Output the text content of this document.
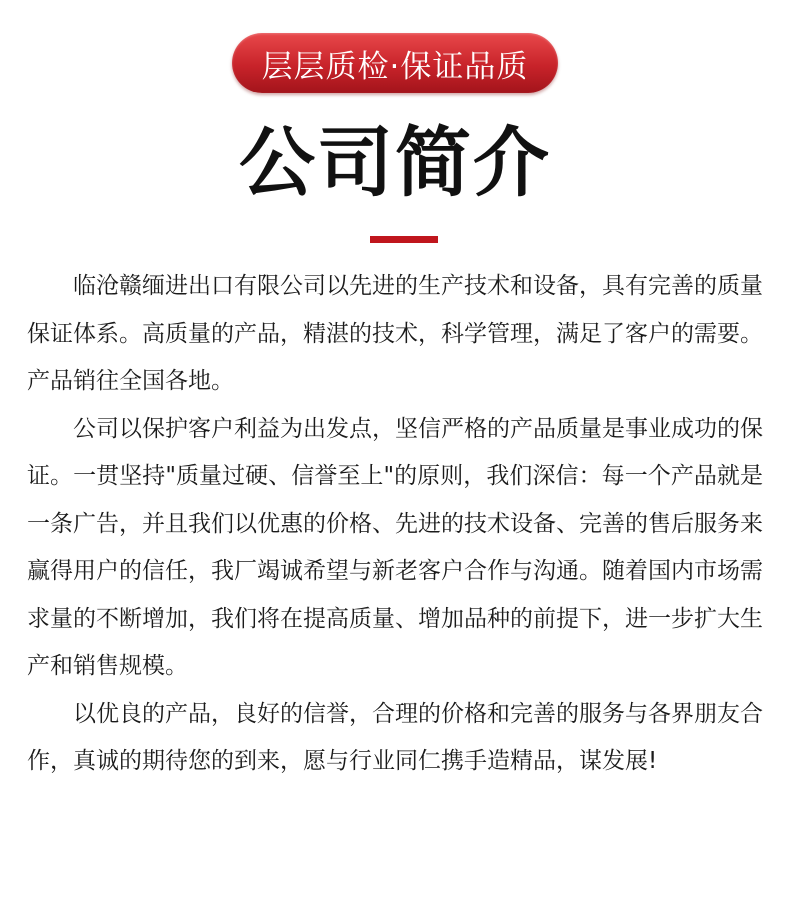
层层质检·保证品质
公司简介

临沧赣缅进出口有限公司以先进的生产技术和设备，具有完善的质量保证体系。高质量的产品，精湛的技术，科学管理，满足了客户的需要。产品销往全国各地。

公司以保护客户利益为出发点，坚信严格的产品质量是事业成功的保证。一贯坚持"质量过硬、信誉至上"的原则，我们深信：每一个产品就是一条广告，并且我们以优惠的价格、先进的技术设备、完善的售后服务来赢得用户的信任，我厂竭诚希望与新老客户合作与沟通。随着国内市场需求量的不断增加，我们将在提高质量、增加品种的前提下，进一步扩大生产和销售规模。

以优良的产品，良好的信誉，合理的价格和完善的服务与各界朋友合作，真诚的期待您的到来，愿与行业同仁携手造精品，谋发展!
